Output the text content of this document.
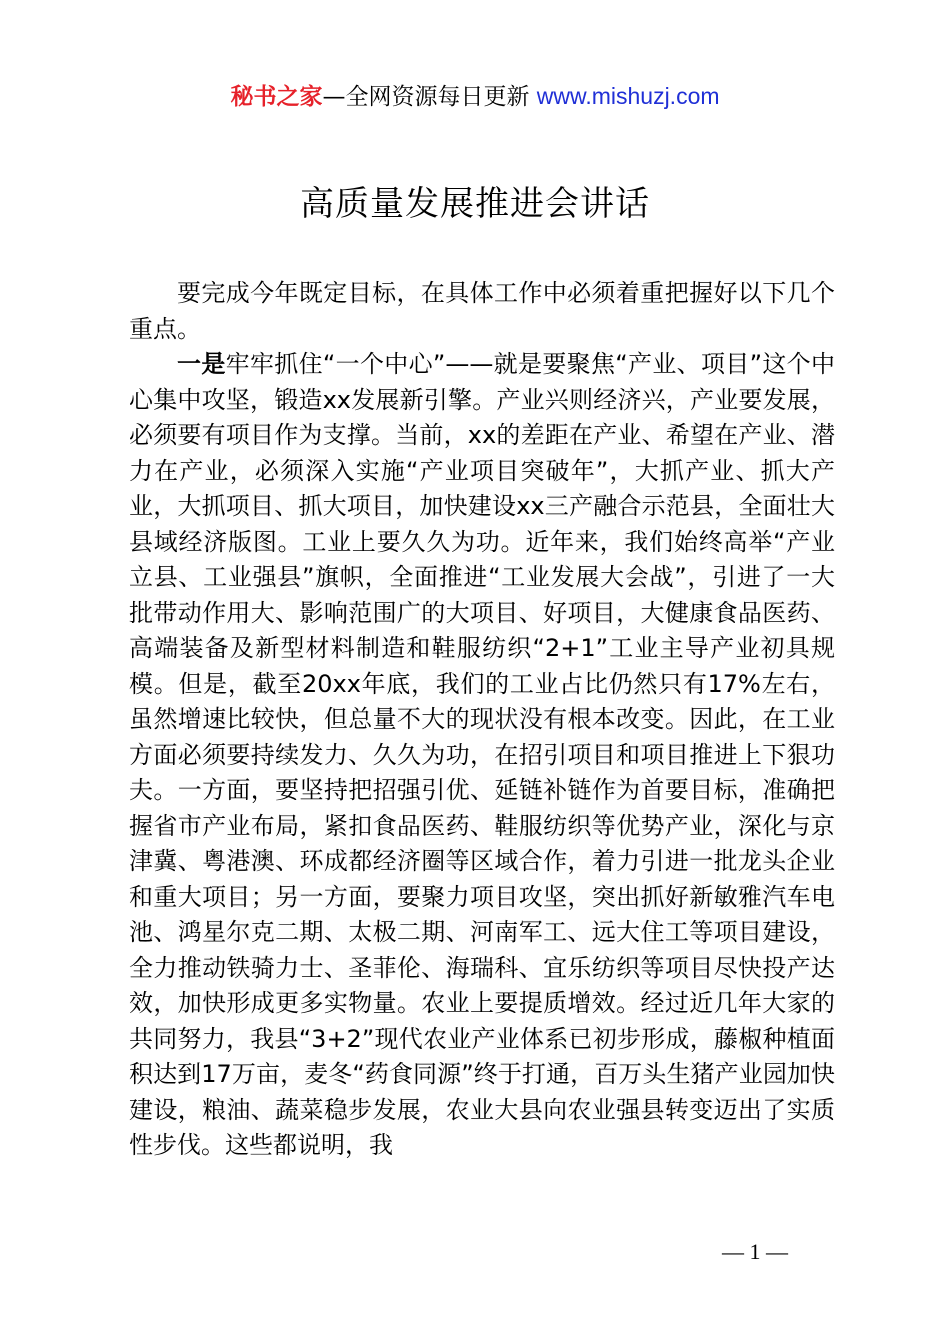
秘书之家—全网资源每日更新 www.mishuzj.com
高质量发展推进会讲话

要完成今年既定目标，在具体工作中必须着重把握好以下几个重点。

一是牢牢抓住“一个中心”——就是要聚焦“产业、项目”这个中心集中攻坚，锻造xx发展新引擎。产业兴则经济兴，产业要发展，必须要有项目作为支撑。当前，xx的差距在产业、希望在产业、潜力在产业，必须深入实施“产业项目突破年”，大抓产业、抓大产业，大抓项目、抓大项目，加快建设xx三产融合示范县，全面壮大县域经济版图。工业上要久久为功。近年来，我们始终高举“产业立县、工业强县”旗帜，全面推进“工业发展大会战”，引进了一大批带动作用大、影响范围广的大项目、好项目，大健康食品医药、高端装备及新型材料制造和鞋服纺织“2+1”工业主导产业初具规模。但是，截至20xx年底，我们的工业占比仍然只有17%左右，虽然增速比较快，但总量不大的现状没有根本改变。因此，在工业方面必须要持续发力、久久为功，在招引项目和项目推进上下狠功夫。一方面，要坚持把招强引优、延链补链作为首要目标，准确把握省市产业布局，紧扣食品医药、鞋服纺织等优势产业，深化与京津冀、粤港澳、环成都经济圈等区域合作，着力引进一批龙头企业和重大项目；另一方面，要聚力项目攻坚，突出抓好新敏雅汽车电池、鸿星尔克二期、太极二期、河南军工、远大住工等项目建设，全力推动铁骑力士、圣菲伦、海瑞科、宜乐纺织等项目尽快投产达效，加快形成更多实物量。农业上要提质增效。经过近几年大家的共同努力，我县“3+2”现代农业产业体系已初步形成，藤椒种植面积达到17万亩，麦冬“药食同源”终于打通，百万头生猪产业园加快建设，粮油、蔬菜稳步发展，农业大县向农业强县转变迈出了实质性步伐。这些都说明，我

— 1 —
